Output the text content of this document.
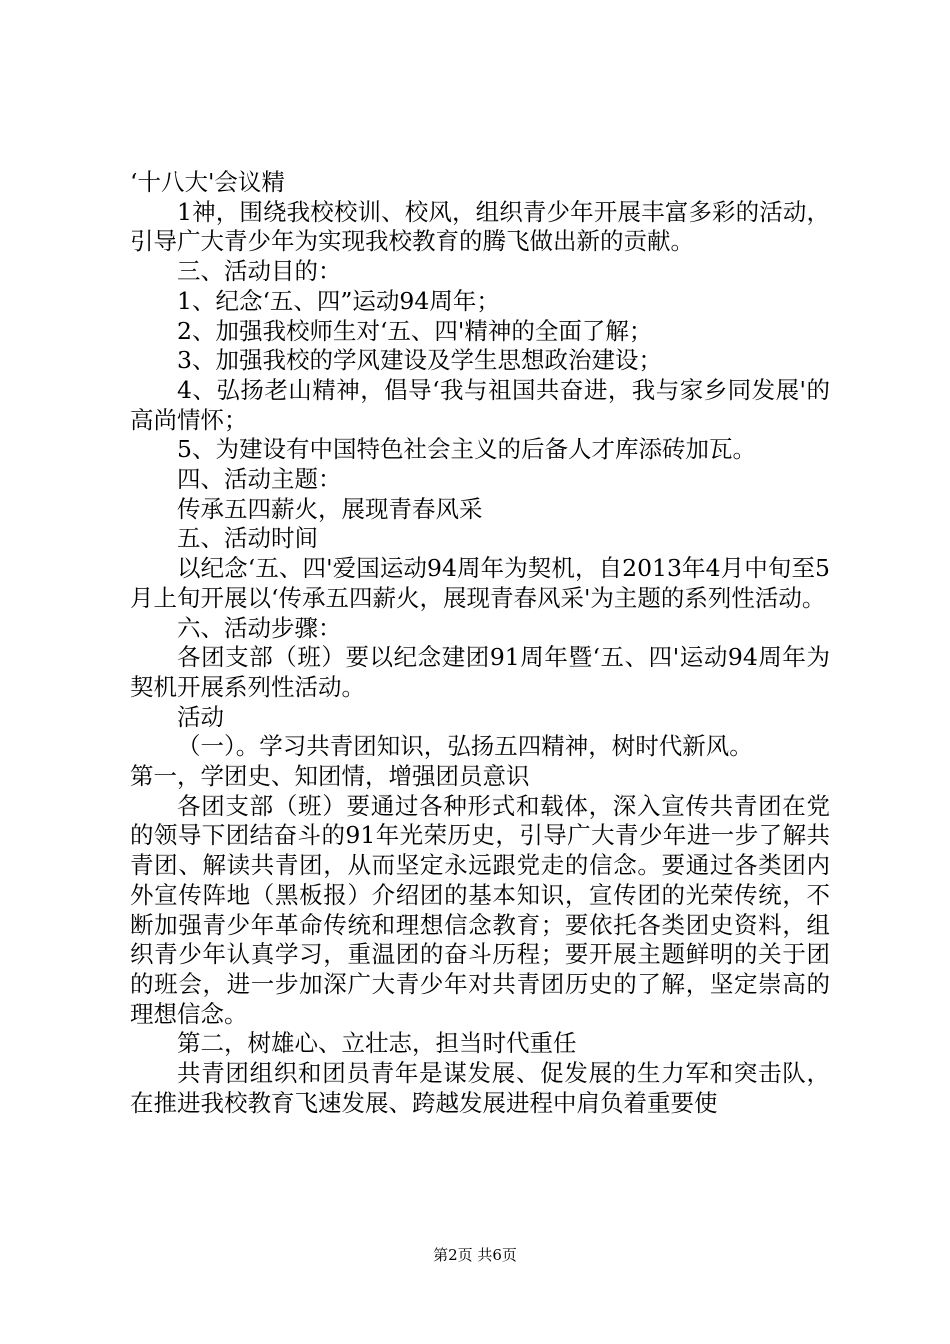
‘十八大'会议精

1神，围绕我校校训、校风，组织青少年开展丰富多彩的活动，引导广大青少年为实现我校教育的腾飞做出新的贡献。

三、活动目的：

1、纪念‘五、四”运动94周年；

2、加强我校师生对‘五、四'精神的全面了解；

3、加强我校的学风建设及学生思想政治建设；

4、弘扬老山精神，倡导‘我与祖国共奋进，我与家乡同发展'的高尚情怀；

5、为建设有中国特色社会主义的后备人才库添砖加瓦。

四、活动主题：

传承五四薪火，展现青春风采

五、活动时间

以纪念‘五、四'爱国运动94周年为契机，自2013年4月中旬至5月上旬开展以‘传承五四薪火，展现青春风采'为主题的系列性活动。

六、活动步骤：

各团支部（班）要以纪念建团91周年暨‘五、四'运动94周年为契机开展系列性活动。

活动

（一）。学习共青团知识，弘扬五四精神，树时代新风。

第一，学团史、知团情，增强团员意识

各团支部（班）要通过各种形式和载体，深入宣传共青团在党的领导下团结奋斗的91年光荣历史，引导广大青少年进一步了解共青团、解读共青团，从而坚定永远跟党走的信念。要通过各类团内外宣传阵地（黑板报）介绍团的基本知识，宣传团的光荣传统，不断加强青少年革命传统和理想信念教育；要依托各类团史资料，组织青少年认真学习，重温团的奋斗历程；要开展主题鲜明的关于团的班会，进一步加深广大青少年对共青团历史的了解，坚定崇高的理想信念。

第二，树雄心、立壮志，担当时代重任

共青团组织和团员青年是谋发展、促发展的生力军和突击队，在推进我校教育飞速发展、跨越发展进程中肩负着重要使

第2页 共6页
